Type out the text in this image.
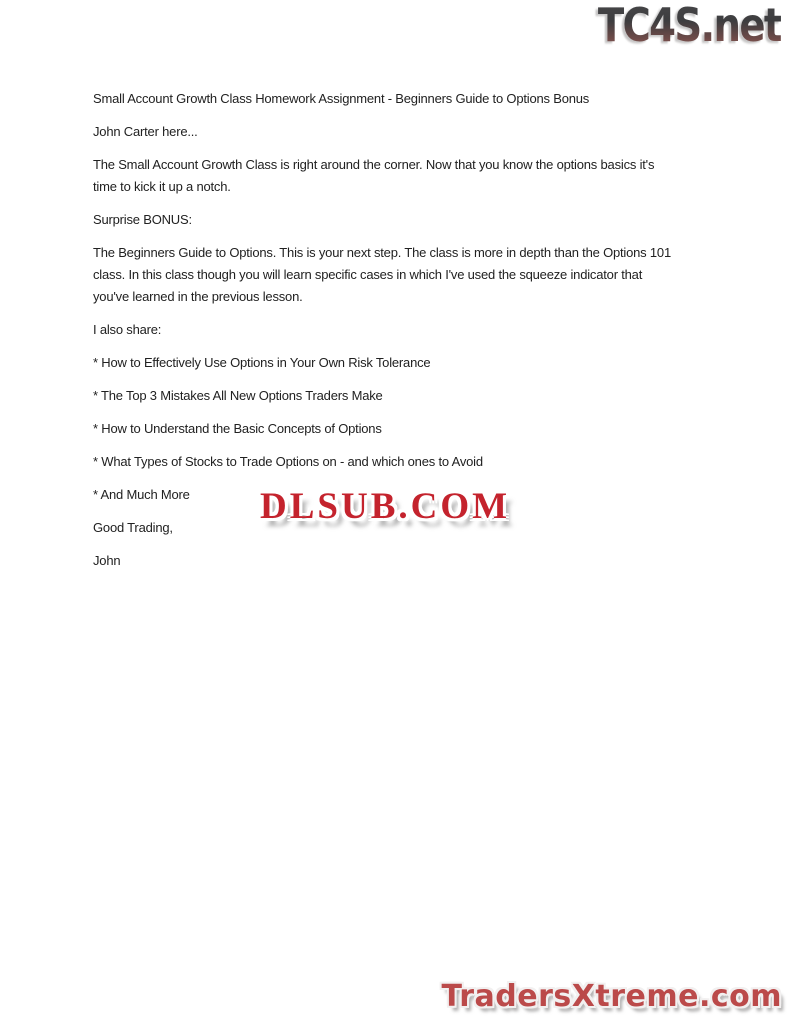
TC4S.net

Small Account Growth Class Homework Assignment - Beginners Guide to Options Bonus

John Carter here...

The Small Account Growth Class is right around the corner. Now that you know the options basics it's
time to kick it up a notch.

Surprise BONUS:

The Beginners Guide to Options. This is your next step. The class is more in depth than the Options 101
class. In this class though you will learn specific cases in which I've used the squeeze indicator that
you've learned in the previous lesson.

I also share:

* How to Effectively Use Options in Your Own Risk Tolerance

* The Top 3 Mistakes All New Options Traders Make

* How to Understand the Basic Concepts of Options

* What Types of Stocks to Trade Options on - and which ones to Avoid

* And Much More

Good Trading,

John

DLSUB.COM
TradersXtreme.com
